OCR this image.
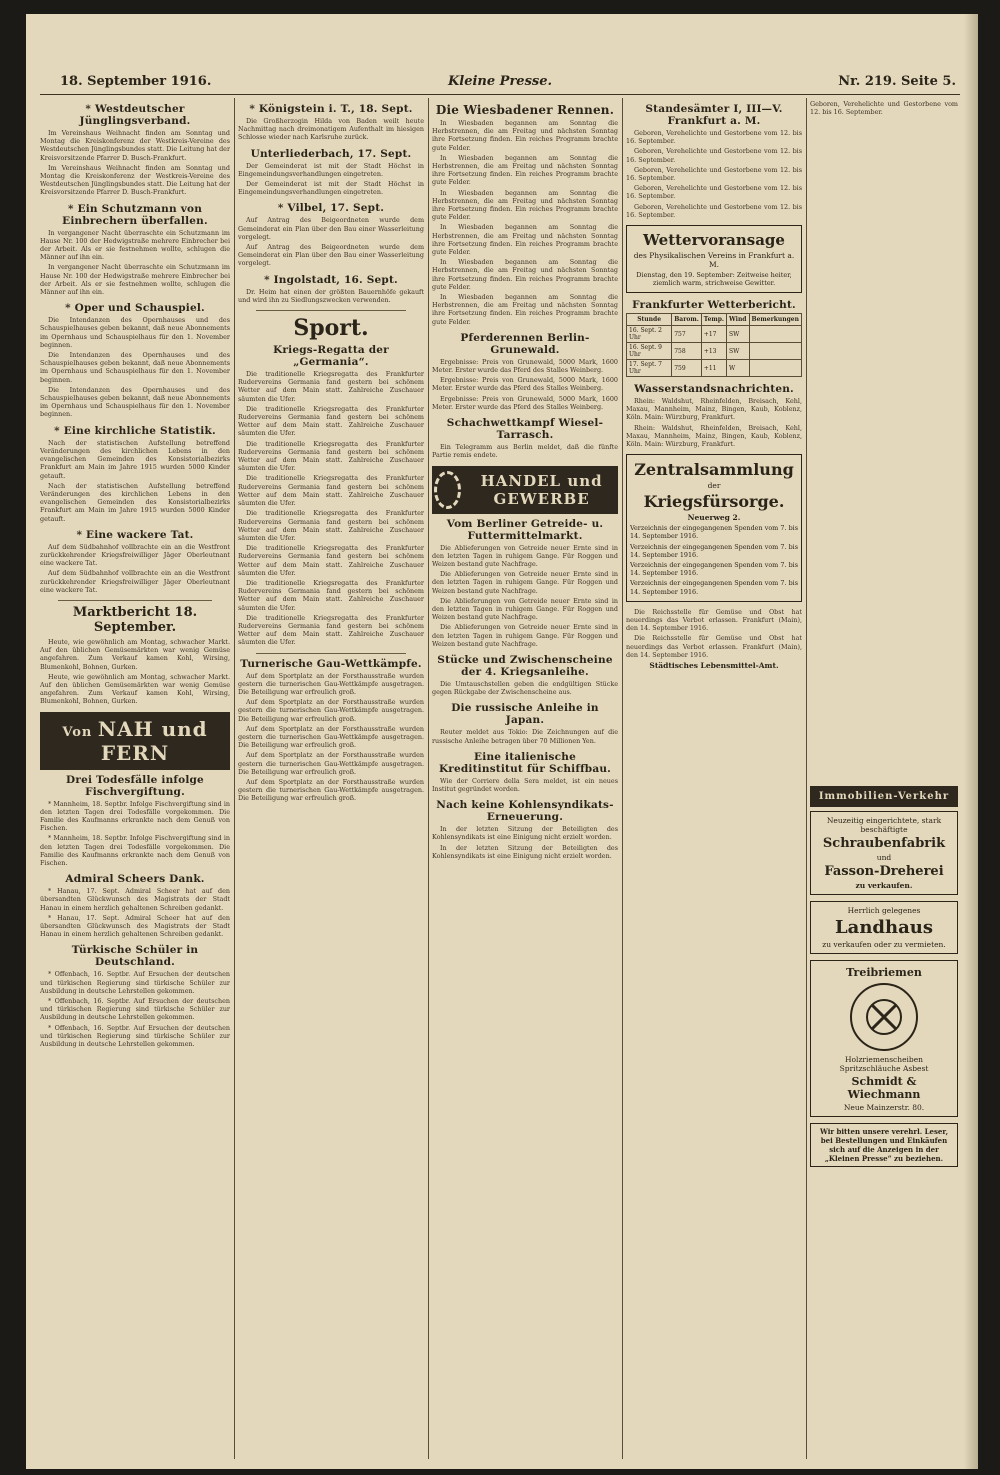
18. September 1916.	Kleine Presse.	Nr. 219. Seite 5.
* Westdeutscher Jünglingsverband.

Im Vereinshaus Weihnacht finden am Sonntag und Montag die Kreiskonferenz der Westkreis-Vereine des Westdeutschen Jünglingsbundes statt. Die Leitung hat der Kreisvorsitzende Pfarrer D. Busch-Frankfurt.

Im Vereinshaus Weihnacht finden am Sonntag und Montag die Kreiskonferenz der Westkreis-Vereine des Westdeutschen Jünglingsbundes statt. Die Leitung hat der Kreisvorsitzende Pfarrer D. Busch-Frankfurt.

* Ein Schutzmann von Einbrechern überfallen.

In vergangener Nacht überraschte ein Schutzmann im Hause Nr. 100 der Hedwigstraße mehrere Einbrecher bei der Arbeit. Als er sie festnehmen wollte, schlugen die Männer auf ihn ein.

In vergangener Nacht überraschte ein Schutzmann im Hause Nr. 100 der Hedwigstraße mehrere Einbrecher bei der Arbeit. Als er sie festnehmen wollte, schlugen die Männer auf ihn ein.

* Oper und Schauspiel.

Die Intendanzen des Opernhauses und des Schauspielhauses geben bekannt, daß neue Abonnements im Opernhaus und Schauspielhaus für den 1. November beginnen.

Die Intendanzen des Opernhauses und des Schauspielhauses geben bekannt, daß neue Abonnements im Opernhaus und Schauspielhaus für den 1. November beginnen.

Die Intendanzen des Opernhauses und des Schauspielhauses geben bekannt, daß neue Abonnements im Opernhaus und Schauspielhaus für den 1. November beginnen.

* Eine kirchliche Statistik.

Nach der statistischen Aufstellung betreffend Veränderungen des kirchlichen Lebens in den evangelischen Gemeinden des Konsistorialbezirks Frankfurt am Main im Jahre 1915 wurden 5000 Kinder getauft.

Nach der statistischen Aufstellung betreffend Veränderungen des kirchlichen Lebens in den evangelischen Gemeinden des Konsistorialbezirks Frankfurt am Main im Jahre 1915 wurden 5000 Kinder getauft.

* Eine wackere Tat.

Auf dem Südbahnhof vollbrachte ein an die Westfront zurückkehrender Kriegsfreiwilliger Jäger Oberleutnant eine wackere Tat.

Auf dem Südbahnhof vollbrachte ein an die Westfront zurückkehrender Kriegsfreiwilliger Jäger Oberleutnant eine wackere Tat.

Marktbericht 18. September.

Heute, wie gewöhnlich am Montag, schwacher Markt. Auf den üblichen Gemüsemärkten war wenig Gemüse angefahren. Zum Verkauf kamen Kohl, Wirsing, Blumenkohl, Bohnen, Gurken.

Heute, wie gewöhnlich am Montag, schwacher Markt. Auf den üblichen Gemüsemärkten war wenig Gemüse angefahren. Zum Verkauf kamen Kohl, Wirsing, Blumenkohl, Bohnen, Gurken.

Von NAH und FERN
Drei Todesfälle infolge Fischvergiftung.

* Mannheim, 18. Septbr. Infolge Fischvergiftung sind in den letzten Tagen drei Todesfälle vorgekommen. Die Familie des Kaufmanns erkrankte nach dem Genuß von Fischen.

* Mannheim, 18. Septbr. Infolge Fischvergiftung sind in den letzten Tagen drei Todesfälle vorgekommen. Die Familie des Kaufmanns erkrankte nach dem Genuß von Fischen.

Admiral Scheers Dank.

* Hanau, 17. Sept. Admiral Scheer hat auf den übersandten Glückwunsch des Magistrats der Stadt Hanau in einem herzlich gehaltenen Schreiben gedankt.

* Hanau, 17. Sept. Admiral Scheer hat auf den übersandten Glückwunsch des Magistrats der Stadt Hanau in einem herzlich gehaltenen Schreiben gedankt.

Türkische Schüler in Deutschland.

* Offenbach, 16. Septbr. Auf Ersuchen der deutschen und türkischen Regierung sind türkische Schüler zur Ausbildung in deutsche Lehrstellen gekommen.

* Offenbach, 16. Septbr. Auf Ersuchen der deutschen und türkischen Regierung sind türkische Schüler zur Ausbildung in deutsche Lehrstellen gekommen.

* Offenbach, 16. Septbr. Auf Ersuchen der deutschen und türkischen Regierung sind türkische Schüler zur Ausbildung in deutsche Lehrstellen gekommen.

* Königstein i. T., 18. Sept.

Die Großherzogin Hilda von Baden weilt heute Nachmittag nach dreimonatigem Aufenthalt im hiesigen Schlosse wieder nach Karlsruhe zurück.

Unterliederbach, 17. Sept.

Der Gemeinderat ist mit der Stadt Höchst in Eingemeindungsverhandlungen eingetreten.

Der Gemeinderat ist mit der Stadt Höchst in Eingemeindungsverhandlungen eingetreten.

* Vilbel, 17. Sept.

Auf Antrag des Beigeordneten wurde dem Gemeinderat ein Plan über den Bau einer Wasserleitung vorgelegt.

Auf Antrag des Beigeordneten wurde dem Gemeinderat ein Plan über den Bau einer Wasserleitung vorgelegt.

* Ingolstadt, 16. Sept.

Dr. Heim hat einen der größten Bauernhöfe gekauft und wird ihn zu Siedlungszwecken verwenden.

Sport.
Kriegs-Regatta der „Germania“.

Die traditionelle Kriegsregatta des Frankfurter Rudervereins Germania fand gestern bei schönem Wetter auf dem Main statt. Zahlreiche Zuschauer säumten die Ufer.

Die traditionelle Kriegsregatta des Frankfurter Rudervereins Germania fand gestern bei schönem Wetter auf dem Main statt. Zahlreiche Zuschauer säumten die Ufer.

Die traditionelle Kriegsregatta des Frankfurter Rudervereins Germania fand gestern bei schönem Wetter auf dem Main statt. Zahlreiche Zuschauer säumten die Ufer.

Die traditionelle Kriegsregatta des Frankfurter Rudervereins Germania fand gestern bei schönem Wetter auf dem Main statt. Zahlreiche Zuschauer säumten die Ufer.

Die traditionelle Kriegsregatta des Frankfurter Rudervereins Germania fand gestern bei schönem Wetter auf dem Main statt. Zahlreiche Zuschauer säumten die Ufer.

Die traditionelle Kriegsregatta des Frankfurter Rudervereins Germania fand gestern bei schönem Wetter auf dem Main statt. Zahlreiche Zuschauer säumten die Ufer.

Die traditionelle Kriegsregatta des Frankfurter Rudervereins Germania fand gestern bei schönem Wetter auf dem Main statt. Zahlreiche Zuschauer säumten die Ufer.

Die traditionelle Kriegsregatta des Frankfurter Rudervereins Germania fand gestern bei schönem Wetter auf dem Main statt. Zahlreiche Zuschauer säumten die Ufer.

Turnerische Gau-Wettkämpfe.

Auf dem Sportplatz an der Forsthausstraße wurden gestern die turnerischen Gau-Wettkämpfe ausgetragen. Die Beteiligung war erfreulich groß.

Auf dem Sportplatz an der Forsthausstraße wurden gestern die turnerischen Gau-Wettkämpfe ausgetragen. Die Beteiligung war erfreulich groß.

Auf dem Sportplatz an der Forsthausstraße wurden gestern die turnerischen Gau-Wettkämpfe ausgetragen. Die Beteiligung war erfreulich groß.

Auf dem Sportplatz an der Forsthausstraße wurden gestern die turnerischen Gau-Wettkämpfe ausgetragen. Die Beteiligung war erfreulich groß.

Auf dem Sportplatz an der Forsthausstraße wurden gestern die turnerischen Gau-Wettkämpfe ausgetragen. Die Beteiligung war erfreulich groß.

Die Wiesbadener Rennen.

In Wiesbaden begannen am Sonntag die Herbstrennen, die am Freitag und nächsten Sonntag ihre Fortsetzung finden. Ein reiches Programm brachte gute Felder.

In Wiesbaden begannen am Sonntag die Herbstrennen, die am Freitag und nächsten Sonntag ihre Fortsetzung finden. Ein reiches Programm brachte gute Felder.

In Wiesbaden begannen am Sonntag die Herbstrennen, die am Freitag und nächsten Sonntag ihre Fortsetzung finden. Ein reiches Programm brachte gute Felder.

In Wiesbaden begannen am Sonntag die Herbstrennen, die am Freitag und nächsten Sonntag ihre Fortsetzung finden. Ein reiches Programm brachte gute Felder.

In Wiesbaden begannen am Sonntag die Herbstrennen, die am Freitag und nächsten Sonntag ihre Fortsetzung finden. Ein reiches Programm brachte gute Felder.

In Wiesbaden begannen am Sonntag die Herbstrennen, die am Freitag und nächsten Sonntag ihre Fortsetzung finden. Ein reiches Programm brachte gute Felder.

Pferderennen Berlin-Grunewald.

Ergebnisse: Preis von Grunewald, 5000 Mark, 1600 Meter. Erster wurde das Pferd des Stalles Weinberg.

Ergebnisse: Preis von Grunewald, 5000 Mark, 1600 Meter. Erster wurde das Pferd des Stalles Weinberg.

Ergebnisse: Preis von Grunewald, 5000 Mark, 1600 Meter. Erster wurde das Pferd des Stalles Weinberg.

Schachwettkampf Wiesel-Tarrasch.

Ein Telegramm aus Berlin meldet, daß die fünfte Partie remis endete.

HANDEL und GEWERBE
Vom Berliner Getreide- u. Futtermittelmarkt.

Die Ablieferungen von Getreide neuer Ernte sind in den letzten Tagen in ruhigem Gange. Für Roggen und Weizen bestand gute Nachfrage.

Die Ablieferungen von Getreide neuer Ernte sind in den letzten Tagen in ruhigem Gange. Für Roggen und Weizen bestand gute Nachfrage.

Die Ablieferungen von Getreide neuer Ernte sind in den letzten Tagen in ruhigem Gange. Für Roggen und Weizen bestand gute Nachfrage.

Die Ablieferungen von Getreide neuer Ernte sind in den letzten Tagen in ruhigem Gange. Für Roggen und Weizen bestand gute Nachfrage.

Stücke und Zwischenscheine der 4. Kriegsanleihe.

Die Umtauschstellen geben die endgültigen Stücke gegen Rückgabe der Zwischenscheine aus.

Die russische Anleihe in Japan.

Reuter meldet aus Tokio: Die Zeichnungen auf die russische Anleihe betragen über 70 Millionen Yen.

Eine italienische Kreditinstitut für Schiffbau.

Wie der Corriere della Sera meldet, ist ein neues Institut gegründet worden.

Nach keine Kohlensyndikats-Erneuerung.

In der letzten Sitzung der Beteiligten des Kohlensyndikats ist eine Einigung nicht erzielt worden.

In der letzten Sitzung der Beteiligten des Kohlensyndikats ist eine Einigung nicht erzielt worden.

Standesämter I, III—V. Frankfurt a. M.

Geboren, Verehelichte und Gestorbene vom 12. bis 16. September.

Geboren, Verehelichte und Gestorbene vom 12. bis 16. September.

Geboren, Verehelichte und Gestorbene vom 12. bis 16. September.

Geboren, Verehelichte und Gestorbene vom 12. bis 16. September.

Geboren, Verehelichte und Gestorbene vom 12. bis 16. September.

Wettervoransage
des Physikalischen Vereins in Frankfurt a. M.

Dienstag, den 19. September: Zeitweise heiter, ziemlich warm, strichweise Gewitter.

Frankfurter Wetterbericht.
Stunde	Barom.	Temp.	Wind	Bemerkungen
16. Sept. 2 Uhr	757	+17	SW	
16. Sept. 9 Uhr	758	+13	SW	
17. Sept. 7 Uhr	759	+11	W	
Wasserstandsnachrichten.

Rhein: Waldshut, Rheinfelden, Breisach, Kehl, Maxau, Mannheim, Mainz, Bingen, Kaub, Koblenz, Köln. Main: Würzburg, Frankfurt.

Rhein: Waldshut, Rheinfelden, Breisach, Kehl, Maxau, Mannheim, Mainz, Bingen, Kaub, Koblenz, Köln. Main: Würzburg, Frankfurt.

Zentralsammlung
der
Kriegsfürsorge.
Neuerweg 2.

Verzeichnis der eingegangenen Spenden vom 7. bis 14. September 1916.

Verzeichnis der eingegangenen Spenden vom 7. bis 14. September 1916.

Verzeichnis der eingegangenen Spenden vom 7. bis 14. September 1916.

Verzeichnis der eingegangenen Spenden vom 7. bis 14. September 1916.

Die Reichsstelle für Gemüse und Obst hat neuerdings das Verbot erlassen. Frankfurt (Main), den 14. September 1916.

Die Reichsstelle für Gemüse und Obst hat neuerdings das Verbot erlassen. Frankfurt (Main), den 14. September 1916.

Städtisches Lebensmittel-Amt.

Geboren, Verehelichte und Gestorbene vom 12. bis 16. September.

Immobilien-Verkehr
Neuzeitig eingerichtete, stark beschäftigte
Schraubenfabrik
und
Fasson-Dreherei
zu verkaufen.
Herrlich gelegenes
Landhaus
zu verkaufen oder zu vermieten.
Treibriemen
Holzriemenscheiben Spritzschläuche Asbest
Schmidt & Wiechmann
Neue Mainzerstr. 80.

Wir bitten unsere verehrl. Leser, bei Bestellungen und Einkäufen sich auf die Anzeigen in der „Kleinen Presse“ zu beziehen.
